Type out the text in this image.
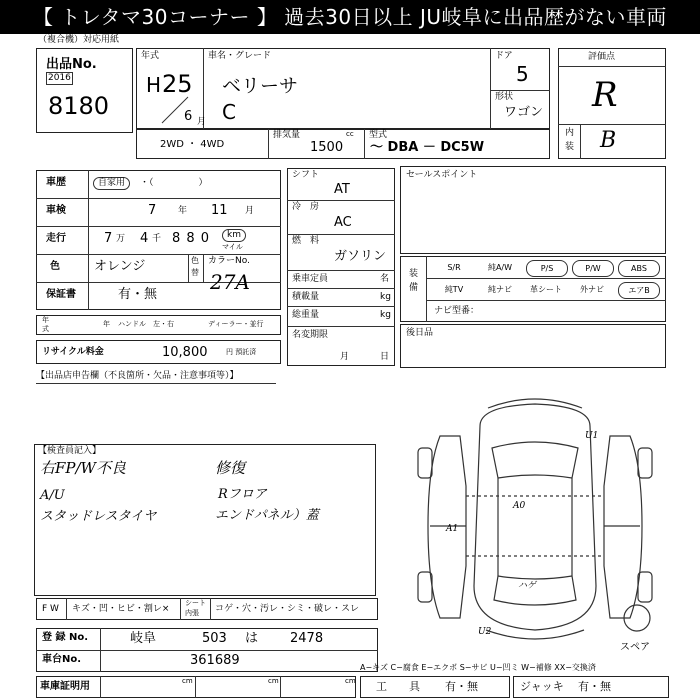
【 トレタマ30コーナー 】 過去30日以上 JU岐阜に出品歴がない車両
（複合機）対応用紙
出品No.
2016
8180
年式
H 25
6 月
車名・グレード
ベリーサ
C
ドア
5
形状
ワゴン
評価点
R
内
装 B
2WD ・ 4WD
排気量	cc
1500
型式
～ DBA － DC5W
車歴	自家用	・（　　　　　）
車検	7 年 11 月
走行	7 万 4 千 8 8 0	km
マイル
色	オレンジ	色
替
カラーNo.
27A
保証書	有・無
年
式
年 ハンドル　左・右	ディーラー・並行
リサイクル料金	10,800	円 預託済
シフト
AT
冷　房
AC
燃　料
ガソリン
乗車定員	名
積載量	kg
総重量	kg
名変期限
月	日
セールスポイント
装
備
S/R	純A/W	P/S	P/W	ABS
純TV	純ナビ	革シート	外ナビ	エアB
ナビ型番：
後日品
【出品店申告欄（不良箇所・欠品・注意事項等）】
【検査員記入】
右FP/W不良	修復
A/U	Rフロア
スタッドレスタイヤ	エンドパネル）蓋
F W キズ・凹・ヒビ・割レ×
シート
内張 コゲ・穴・汚レ・シミ・破レ・スレ
登 録 No.	岐阜	503 は 2478
車台No.	361689
車庫証明用	cm	cm	cm
A−キズ C−腐食 E−エクボ S−サビ U−凹ミ W−補修 XX−交換済
工　　具 有・無	ジャッキ 有・無
U1
A1
A0
ハゲ
U2
スペア
